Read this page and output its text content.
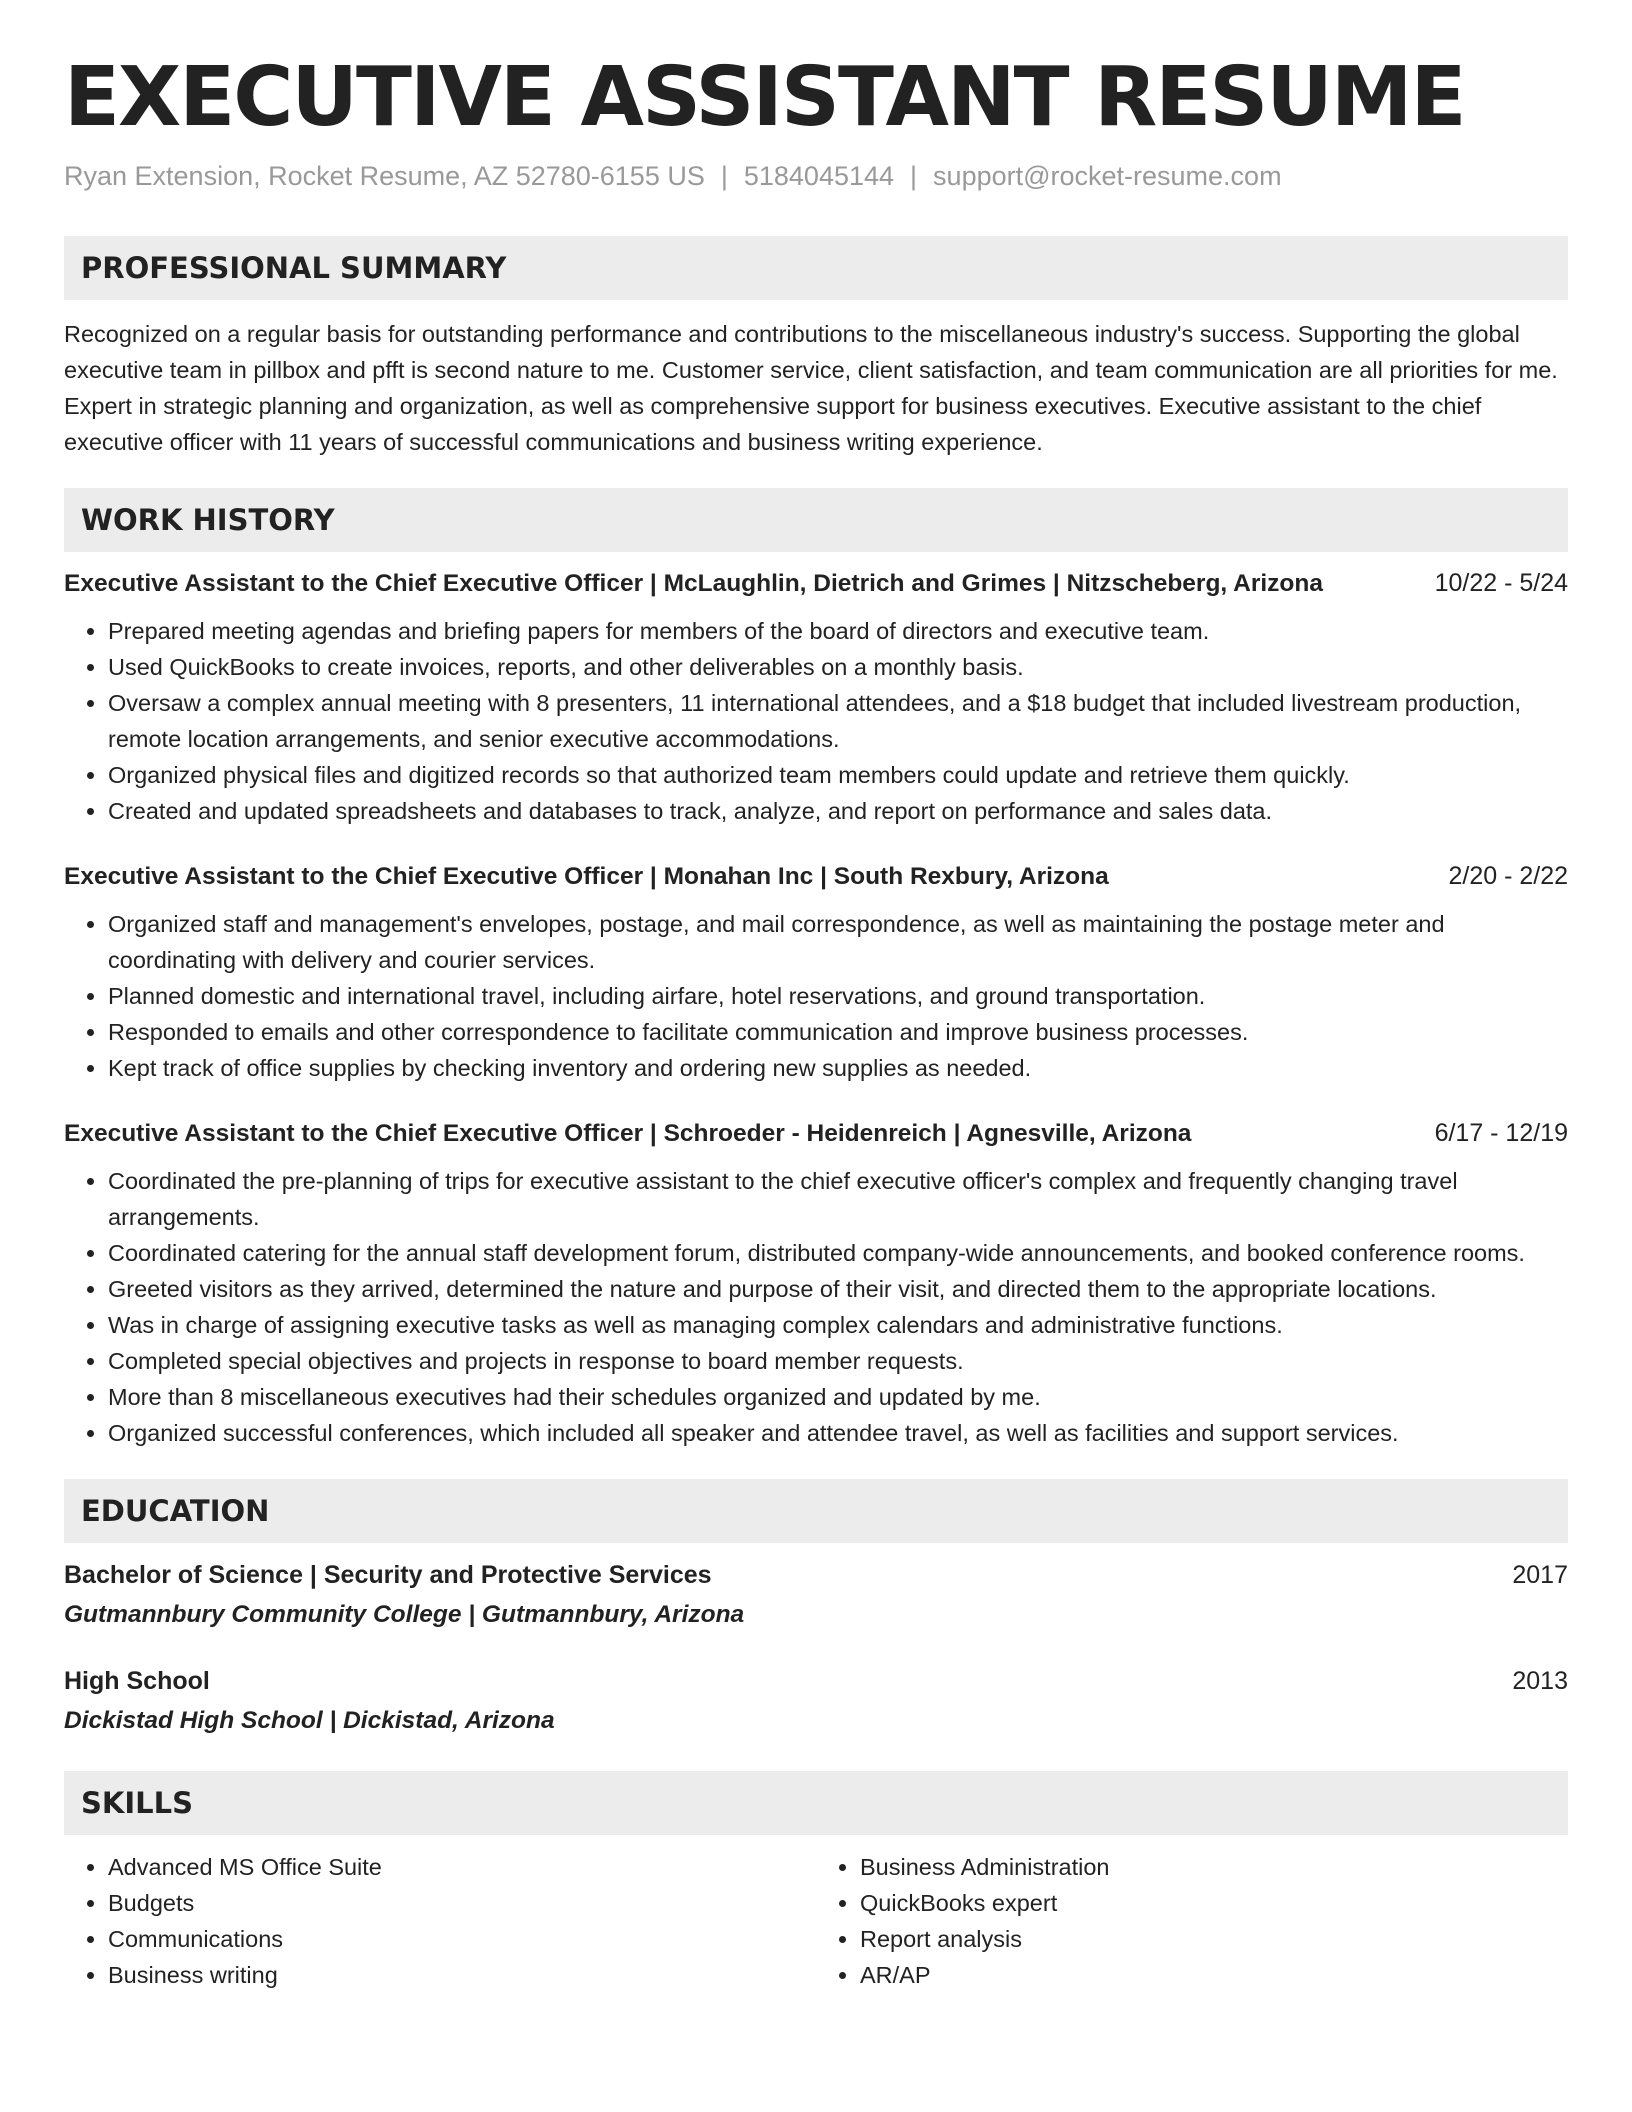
EXECUTIVE ASSISTANT RESUME
Ryan Extension, Rocket Resume, AZ 52780-6155 US | 5184045144 | support@rocket-resume.com
PROFESSIONAL SUMMARY

Recognized on a regular basis for outstanding performance and contributions to the miscellaneous industry's success. Supporting the global executive team in pillbox and pfft is second nature to me. Customer service, client satisfaction, and team communication are all priorities for me. Expert in strategic planning and organization, as well as comprehensive support for business executives. Executive assistant to the chief executive officer with 11 years of successful communications and business writing experience.

WORK HISTORY
Executive Assistant to the Chief Executive Officer | McLaughlin, Dietrich and Grimes | Nitzscheberg, Arizona	10/22 - 5/24
• Prepared meeting agendas and briefing papers for members of the board of directors and executive team.
• Used QuickBooks to create invoices, reports, and other deliverables on a monthly basis.
• Oversaw a complex annual meeting with 8 presenters, 11 international attendees, and a $18 budget that included livestream production, remote location arrangements, and senior executive accommodations.
• Organized physical files and digitized records so that authorized team members could update and retrieve them quickly.
• Created and updated spreadsheets and databases to track, analyze, and report on performance and sales data.
Executive Assistant to the Chief Executive Officer | Monahan Inc | South Rexbury, Arizona	2/20 - 2/22
• Organized staff and management's envelopes, postage, and mail correspondence, as well as maintaining the postage meter and coordinating with delivery and courier services.
• Planned domestic and international travel, including airfare, hotel reservations, and ground transportation.
• Responded to emails and other correspondence to facilitate communication and improve business processes.
• Kept track of office supplies by checking inventory and ordering new supplies as needed.
Executive Assistant to the Chief Executive Officer | Schroeder - Heidenreich | Agnesville, Arizona	6/17 - 12/19
• Coordinated the pre-planning of trips for executive assistant to the chief executive officer's complex and frequently changing travel arrangements.
• Coordinated catering for the annual staff development forum, distributed company-wide announcements, and booked conference rooms.
• Greeted visitors as they arrived, determined the nature and purpose of their visit, and directed them to the appropriate locations.
• Was in charge of assigning executive tasks as well as managing complex calendars and administrative functions.
• Completed special objectives and projects in response to board member requests.
• More than 8 miscellaneous executives had their schedules organized and updated by me.
• Organized successful conferences, which included all speaker and attendee travel, as well as facilities and support services.
EDUCATION
Bachelor of Science | Security and Protective Services	2017
Gutmannbury Community College | Gutmannbury, Arizona
High School	2013
Dickistad High School | Dickistad, Arizona
SKILLS
• Advanced MS Office Suite
• Budgets
• Communications
• Business writing
• Business Administration
• QuickBooks expert
• Report analysis
• AR/AP
